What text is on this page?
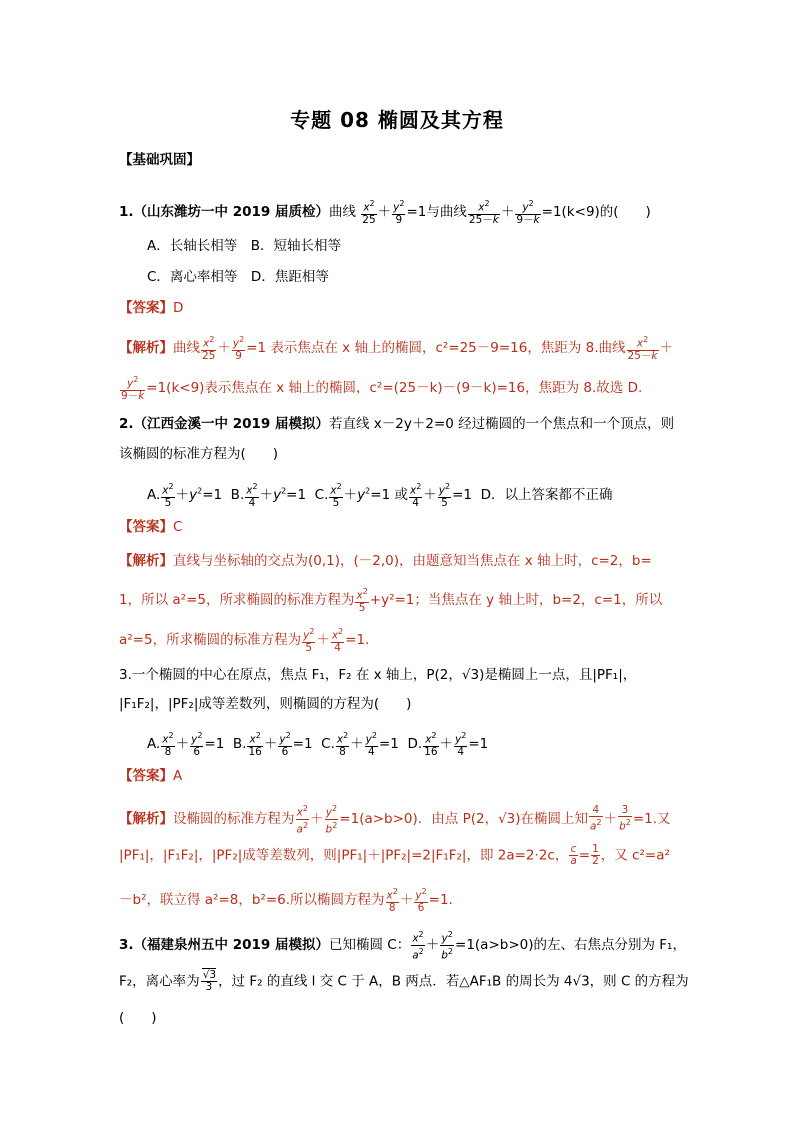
专题 08 椭圆及其方程
【基础巩固】
1.（山东潍坊一中 2019 届质检）曲线 $\frac{x^2}{25} + \frac{y^2}{9} =1$与曲线 $\frac{x^2}{25-k} + \frac{y^2}{9-k} =1(k<9)$的(　　)
A．长轴长相等　B．短轴长相等
C．离心率相等　D．焦距相等
【答案】D
【解析】曲线 $\frac{x^2}{25} + \frac{y^2}{9} =1$ 表示焦点在 x 轴上的椭圆，c²=25－9=16，焦距为 8.曲线 $\frac{x^2}{25-k}$ ＋
$\frac{y^2}{9-k} =1(k<9)$表示焦点在 x 轴上的椭圆，c²=(25－k)－(9－k)=16，焦距为 8.故选 D.
2.（江西金溪一中 2019 届模拟）若直线 x－2y＋2=0 经过椭圆的一个焦点和一个顶点，则
该椭圆的标准方程为(　　)
A. $\frac{x^2}{5} +y^2=1$  B. $\frac{x^2}{4} +y^2=1$  C. $\frac{x^2}{5} +y^2=1$ 或 $\frac{x^2}{4} + \frac{y^2}{5} =1$  D．以上答案都不正确
【答案】C
【解析】直线与坐标轴的交点为(0,1)，(－2,0)，由题意知当焦点在 x 轴上时，c=2，b=
1，所以 a²=5，所求椭圆的标准方程为 $\frac{x^2}{5} +y^2=1$；当焦点在 y 轴上时，b=2，c=1，所以
a²=5，所求椭圆的标准方程为 $\frac{y^2}{5} + \frac{x^2}{4} =1$.
3.一个椭圆的中心在原点，焦点 F₁，F₂ 在 x 轴上，P(2，√3)是椭圆上一点，且|PF₁|，
|F₁F₂|，|PF₂|成等差数列，则椭圆的方程为(　　)
A. $\frac{x^2}{8} + \frac{y^2}{6} =1$  B. $\frac{x^2}{16} + \frac{y^2}{6} =1$  C. $\frac{x^2}{8} + \frac{y^2}{4} =1$  D. $\frac{x^2}{16} + \frac{y^2}{4} =1$
【答案】A
【解析】设椭圆的标准方程为 $\frac{x^2}{a^2} + \frac{y^2}{b^2} =1(a>b>0)$．由点 P(2，√3)在椭圆上知 $\frac{4}{a^2} + \frac{3}{b^2} =1$.又
|PF₁|，|F₁F₂|，|PF₂|成等差数列，则|PF₁|＋|PF₂|=2|F₁F₂|，即 2a=2·2c， $\frac{c}{a} = \frac{1}{2}$ ，又 c²=a²
－b²，联立得 a²=8，b²=6.所以椭圆方程为 $\frac{x^2}{8} + \frac{y^2}{6} =1$.
3.（福建泉州五中 2019 届模拟）已知椭圆 C： $\frac{x^2}{a^2} + \frac{y^2}{b^2} =1(a>b>0)$的左、右焦点分别为 F₁，
F₂，离心率为 $\frac{√3}{3}$ ，过 F₂ 的直线 l 交 C 于 A，B 两点．若△AF₁B 的周长为 4√3，则 C 的方程为
(　　)
